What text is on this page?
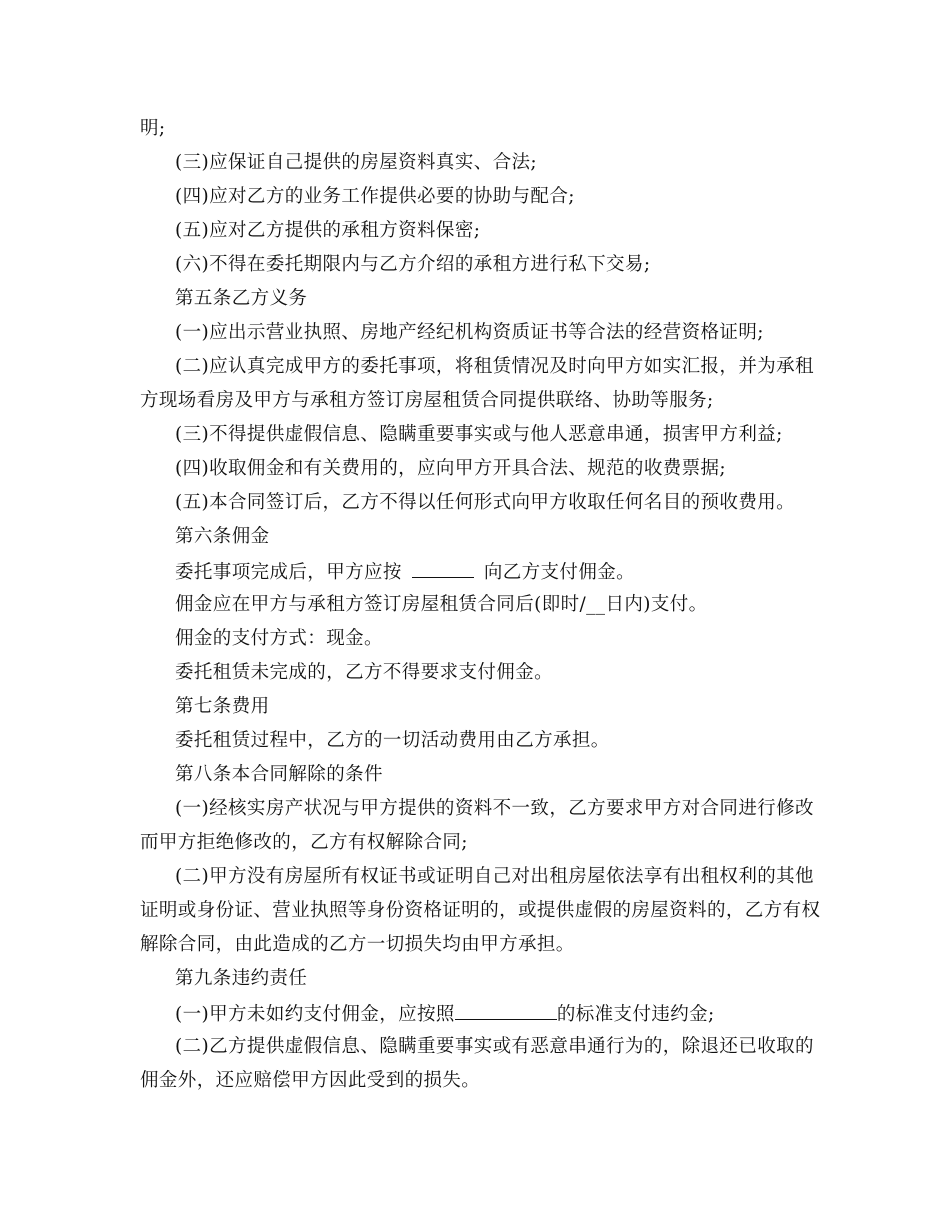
明;
(三)应保证自己提供的房屋资料真实、合法;
(四)应对乙方的业务工作提供必要的协助与配合;
(五)应对乙方提供的承租方资料保密;
(六)不得在委托期限内与乙方介绍的承租方进行私下交易;
第五条乙方义务
(一)应出示营业执照、房地产经纪机构资质证书等合法的经营资格证明;
(二)应认真完成甲方的委托事项，将租赁情况及时向甲方如实汇报，并为承租
方现场看房及甲方与承租方签订房屋租赁合同提供联络、协助等服务;
(三)不得提供虚假信息、隐瞒重要事实或与他人恶意串通，损害甲方利益;
(四)收取佣金和有关费用的，应向甲方开具合法、规范的收费票据;
(五)本合同签订后，乙方不得以任何形式向甲方收取任何名目的预收费用。
第六条佣金
委托事项完成后，甲方应按	向乙方支付佣金。
佣金应在甲方与承租方签订房屋租赁合同后(即时/__日内)支付。
佣金的支付方式：现金。
委托租赁未完成的，乙方不得要求支付佣金。
第七条费用
委托租赁过程中，乙方的一切活动费用由乙方承担。
第八条本合同解除的条件
(一)经核实房产状况与甲方提供的资料不一致，乙方要求甲方对合同进行修改
而甲方拒绝修改的，乙方有权解除合同;
(二)甲方没有房屋所有权证书或证明自己对出租房屋依法享有出租权利的其他
证明或身份证、营业执照等身份资格证明的，或提供虚假的房屋资料的，乙方有权
解除合同，由此造成的乙方一切损失均由甲方承担。
第九条违约责任
(一)甲方未如约支付佣金，应按照	的标准支付违约金;
(二)乙方提供虚假信息、隐瞒重要事实或有恶意串通行为的，除退还已收取的
佣金外，还应赔偿甲方因此受到的损失。
